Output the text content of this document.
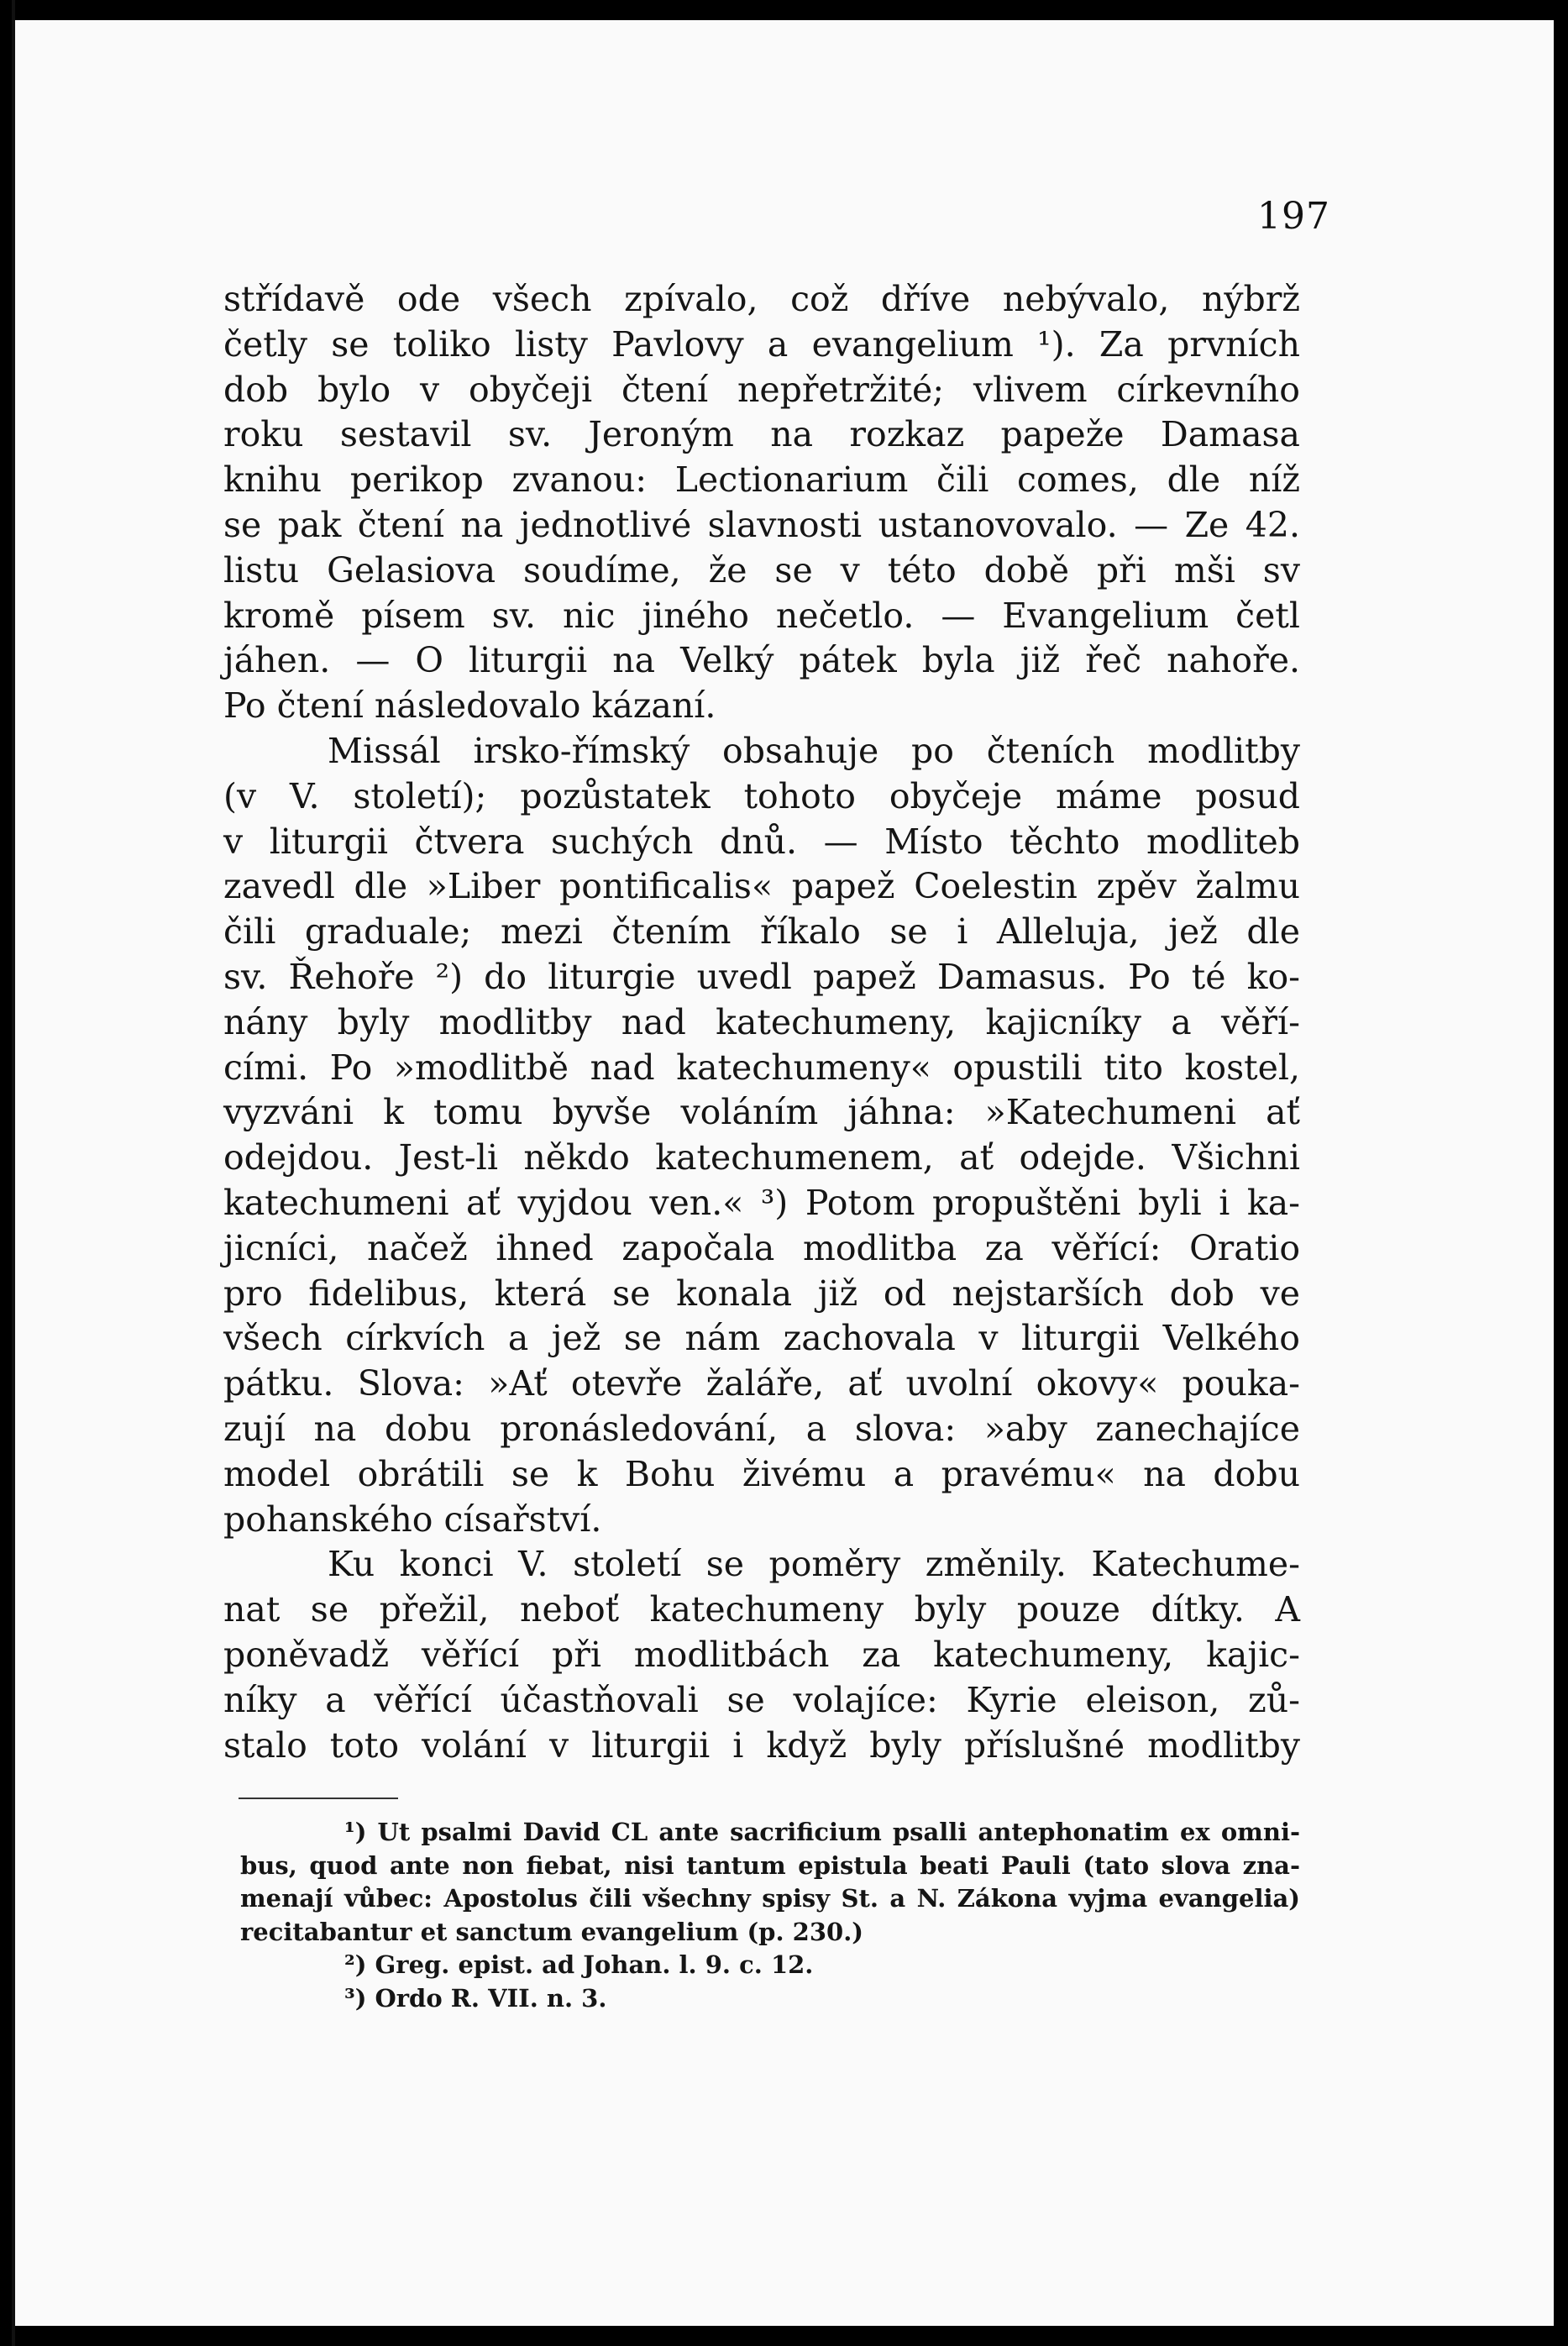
197
střídavě ode všech zpívalo, což dříve nebývalo, nýbrž
četly se toliko listy Pavlovy a evangelium ¹). Za prvních
dob bylo v obyčeji čtení nepřetržité; vlivem církevního
roku sestavil sv. Jeroným na rozkaz papeže Damasa
knihu perikop zvanou: Lectionarium čili comes, dle níž
se pak čtení na jednotlivé slavnosti ustanovovalo. — Ze 42.
listu Gelasiova soudíme, že se v této době při mši sv
kromě písem sv. nic jiného nečetlo. — Evangelium četl
jáhen. — O liturgii na Velký pátek byla již řeč nahoře.
Po čtení následovalo kázaní.
Missál irsko-římský obsahuje po čteních modlitby
(v V. století); pozůstatek tohoto obyčeje máme posud
v liturgii čtvera suchých dnů. — Místo těchto modliteb
zavedl dle »Liber pontificalis« papež Coelestin zpěv žalmu
čili graduale; mezi čtením říkalo se i Alleluja, jež dle
sv. Řehoře ²) do liturgie uvedl papež Damasus. Po té ko-
nány byly modlitby nad katechumeny, kajicníky a věří-
cími. Po »modlitbě nad katechumeny« opustili tito kostel,
vyzváni k tomu byvše voláním jáhna: »Katechumeni ať
odejdou. Jest-li někdo katechumenem, ať odejde. Všichni
katechumeni ať vyjdou ven.« ³) Potom propuštěni byli i ka-
jicníci, načež ihned započala modlitba za věřící: Oratio
pro fidelibus, která se konala již od nejstarších dob ve
všech církvích a jež se nám zachovala v liturgii Velkého
pátku. Slova: »Ať otevře žaláře, ať uvolní okovy« pouka-
zují na dobu pronásledování, a slova: »aby zanechajíce
model obrátili se k Bohu živému a pravému« na dobu
pohanského císařství.
Ku konci V. století se poměry změnily. Katechume-
nat se přežil, neboť katechumeny byly pouze dítky. A
poněvadž věřící při modlitbách za katechumeny, kajic-
níky a věřící účastňovali se volajíce: Kyrie eleison, zů-
stalo toto volání v liturgii i když byly příslušné modlitby
¹) Ut psalmi David CL ante sacrificium psalli antephonatim ex omni-
bus, quod ante non fiebat, nisi tantum epistula beati Pauli (tato slova zna-
menají vůbec: Apostolus čili všechny spisy St. a N. Zákona vyjma evangelia)
recitabantur et sanctum evangelium (p. 230.)
²) Greg. epist. ad Johan. l. 9. c. 12.
³) Ordo R. VII. n. 3.
